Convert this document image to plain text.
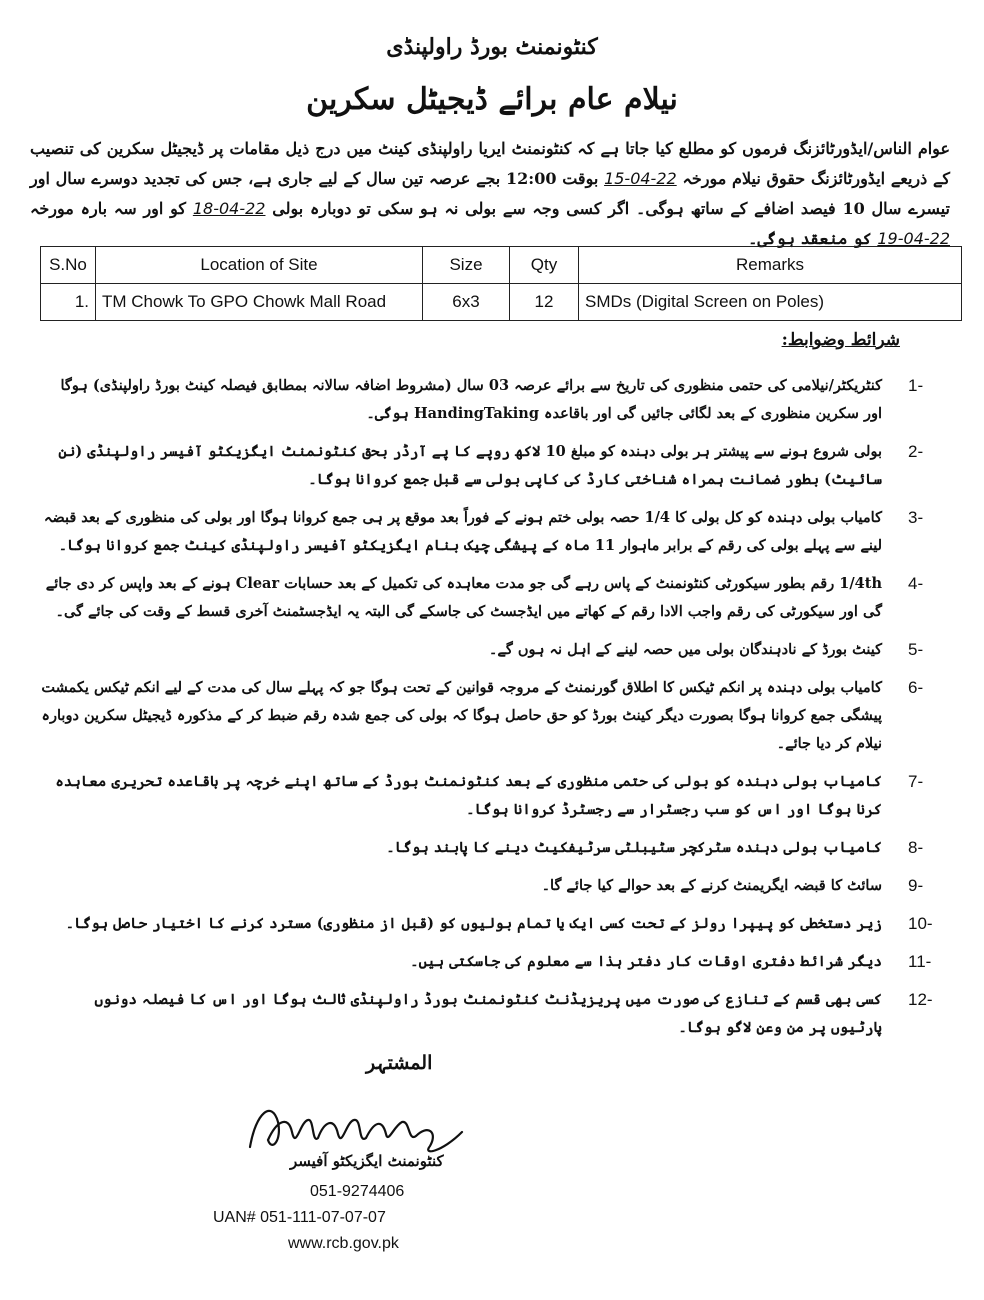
کنٹونمنٹ بورڈ راولپنڈی
نیلام عام برائے ڈیجیٹل سکرین
عوام الناس/ایڈورٹائزنگ فرموں کو مطلع کیا جاتا ہے کہ کنٹونمنٹ ایریا راولپنڈی کینٹ میں درج ذیل مقامات پر ڈیجیٹل سکرین کی تنصیب کے ذریعے ایڈورٹائزنگ حقوق نیلام مورخہ 15-04-22 بوقت 12:00 بجے عرصہ تین سال کے لیے جاری ہے، جس کی تجدید دوسرے سال اور تیسرے سال 10 فیصد اضافے کے ساتھ ہوگی۔ اگر کسی وجہ سے بولی نہ ہو سکی تو دوبارہ بولی 18-04-22 کو اور سہ بارہ مورخہ 19-04-22 کو منعقد ہوگی۔
S.No	Location of Site	Size	Qty	Remarks
1.	TM Chowk To GPO Chowk Mall Road	6x3	12	SMDs (Digital Screen on Poles)
شرائط وضوابط:
کنٹریکٹر/نیلامی کی حتمی منظوری کی تاریخ سے برائے عرصہ 03 سال (مشروط اضافہ سالانہ بمطابق فیصلہ کینٹ بورڈ راولپنڈی) ہوگا اور سکرین منظوری کے بعد لگائی جائیں گی اور باقاعدہ HandingTaking ہوگی۔
1-
بولی شروع ہونے سے پیشتر ہر بولی دہندہ کو مبلغ 10 لاکھ روپے کا پے آرڈر بحق کنٹونمنٹ ایگزیکٹو آفیسر راولپنڈی (نن سائیٹ) بطور ضمانت ہمراہ شناختی کارڈ کی کاپی بولی سے قبل جمع کروانا ہوگا۔
2-
کامیاب بولی دہندہ کو کل بولی کا 1/4 حصہ بولی ختم ہونے کے فوراً بعد موقع پر ہی جمع کروانا ہوگا اور بولی کی منظوری کے بعد قبضہ لینے سے پہلے بولی کی رقم کے برابر ماہوار 11 ماہ کے پیشگی چیک بنام ایگزیکٹو آفیسر راولپنڈی کینٹ جمع کروانا ہوگا۔
3-
1/4th رقم بطور سیکورٹی کنٹونمنٹ کے پاس رہے گی جو مدت معاہدہ کی تکمیل کے بعد حسابات Clear ہونے کے بعد واپس کر دی جائے گی اور سیکورٹی کی رقم واجب الادا رقم کے کھاتے میں ایڈجسٹ کی جاسکے گی البتہ یہ ایڈجسٹمنٹ آخری قسط کے وقت کی جائے گی۔
4-
کینٹ بورڈ کے نادہندگان بولی میں حصہ لینے کے اہل نہ ہوں گے۔	5-
کامیاب بولی دہندہ پر انکم ٹیکس کا اطلاق گورنمنٹ کے مروجہ قوانین کے تحت ہوگا جو کہ پہلے سال کی مدت کے لیے انکم ٹیکس یکمشت پیشگی جمع کروانا ہوگا بصورت دیگر کینٹ بورڈ کو حق حاصل ہوگا کہ بولی کی جمع شدہ رقم ضبط کر کے مذکورہ ڈیجیٹل سکرین دوبارہ نیلام کر دیا جائے۔
6-
کامیاب بولی دہندہ کو بولی کی حتمی منظوری کے بعد کنٹونمنٹ بورڈ کے ساتھ اپنے خرچہ پر باقاعدہ تحریری معاہدہ کرنا ہوگا اور اس کو سب رجسٹرار سے رجسٹرڈ کروانا ہوگا۔
7-
کامیاب بولی دہندہ سٹرکچر سٹیبلٹی سرٹیفکیٹ دینے کا پابند ہوگا۔	8-
سائٹ کا قبضہ ایگریمنٹ کرنے کے بعد حوالے کیا جائے گا۔	9-
زیر دستخطی کو پیپرا رولز کے تحت کسی ایک یا تمام بولیوں کو (قبل از منظوری) مسترد کرنے کا اختیار حاصل ہوگا۔	10-
دیگر شرائط دفتری اوقات کار دفتر ہذا سے معلوم کی جاسکتی ہیں۔	11-
کسی بھی قسم کے تنازع کی صورت میں پریزیڈنٹ کنٹونمنٹ بورڈ راولپنڈی ثالث ہوگا اور اس کا فیصلہ دونوں پارٹیوں پر من وعن لاگو ہوگا۔
12-
المشتہر
کنٹونمنٹ ایگزیکٹو آفیسر
051-9274406
UAN# 051-111-07-07-07
www.rcb.gov.pk
